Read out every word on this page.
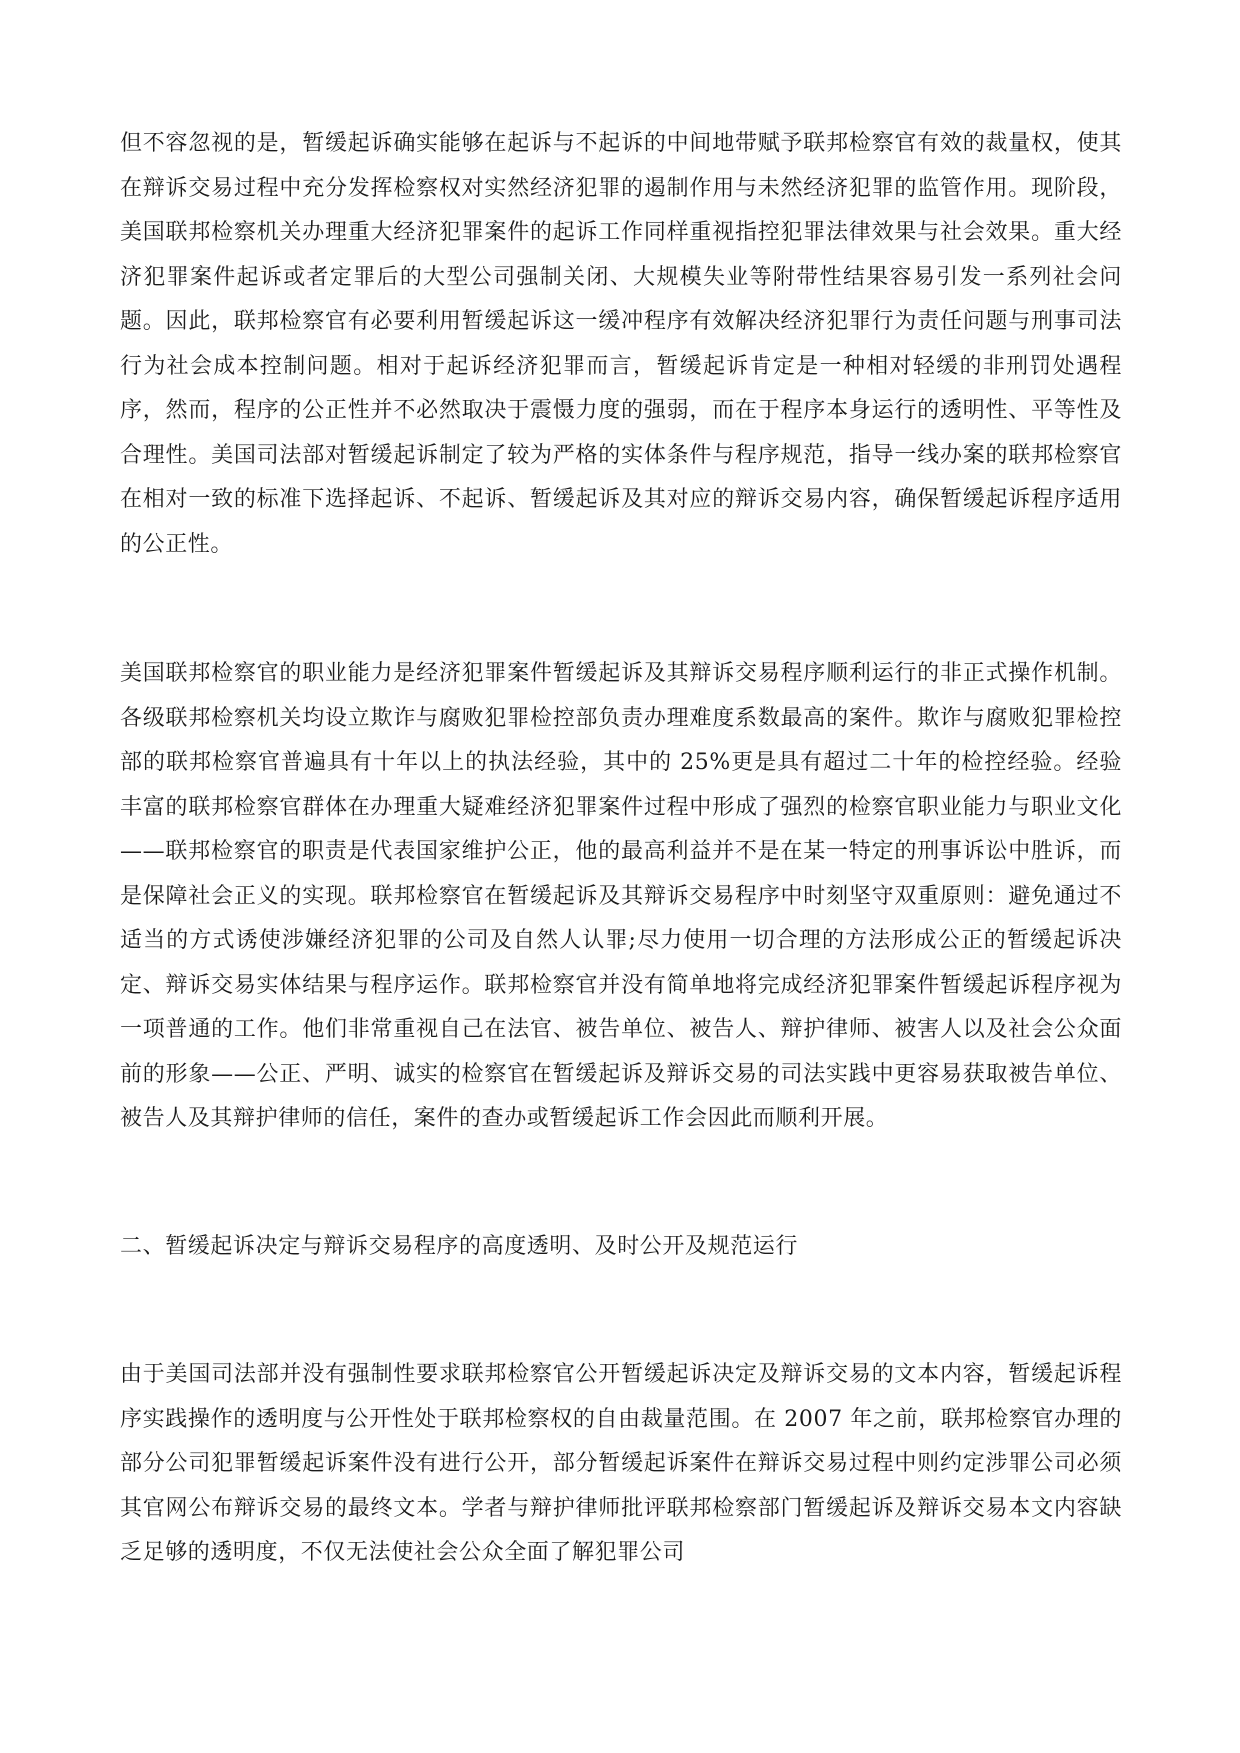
但不容忽视的是，暂缓起诉确实能够在起诉与不起诉的中间地带赋予联邦检察官有效的裁量权，使其在辩诉交易过程中充分发挥检察权对实然经济犯罪的遏制作用与未然经济犯罪的监管作用。现阶段，美国联邦检察机关办理重大经济犯罪案件的起诉工作同样重视指控犯罪法律效果与社会效果。重大经济犯罪案件起诉或者定罪后的大型公司强制关闭、大规模失业等附带性结果容易引发一系列社会问题。因此，联邦检察官有必要利用暂缓起诉这一缓冲程序有效解决经济犯罪行为责任问题与刑事司法行为社会成本控制问题。相对于起诉经济犯罪而言，暂缓起诉肯定是一种相对轻缓的非刑罚处遇程序，然而，程序的公正性并不必然取决于震慑力度的强弱，而在于程序本身运行的透明性、平等性及合理性。美国司法部对暂缓起诉制定了较为严格的实体条件与程序规范，指导一线办案的联邦检察官在相对一致的标准下选择起诉、不起诉、暂缓起诉及其对应的辩诉交易内容，确保暂缓起诉程序适用的公正性。

美国联邦检察官的职业能力是经济犯罪案件暂缓起诉及其辩诉交易程序顺利运行的非正式操作机制。各级联邦检察机关均设立欺诈与腐败犯罪检控部负责办理难度系数最高的案件。欺诈与腐败犯罪检控部的联邦检察官普遍具有十年以上的执法经验，其中的 25%更是具有超过二十年的检控经验。经验丰富的联邦检察官群体在办理重大疑难经济犯罪案件过程中形成了强烈的检察官职业能力与职业文化——联邦检察官的职责是代表国家维护公正，他的最高利益并不是在某一特定的刑事诉讼中胜诉，而是保障社会正义的实现。联邦检察官在暂缓起诉及其辩诉交易程序中时刻坚守双重原则：避免通过不适当的方式诱使涉嫌经济犯罪的公司及自然人认罪;尽力使用一切合理的方法形成公正的暂缓起诉决定、辩诉交易实体结果与程序运作。联邦检察官并没有简单地将完成经济犯罪案件暂缓起诉程序视为一项普通的工作。他们非常重视自己在法官、被告单位、被告人、辩护律师、被害人以及社会公众面前的形象——公正、严明、诚实的检察官在暂缓起诉及辩诉交易的司法实践中更容易获取被告单位、被告人及其辩护律师的信任，案件的查办或暂缓起诉工作会因此而顺利开展。

二、暂缓起诉决定与辩诉交易程序的高度透明、及时公开及规范运行

由于美国司法部并没有强制性要求联邦检察官公开暂缓起诉决定及辩诉交易的文本内容，暂缓起诉程序实践操作的透明度与公开性处于联邦检察权的自由裁量范围。在 2007 年之前，联邦检察官办理的部分公司犯罪暂缓起诉案件没有进行公开，部分暂缓起诉案件在辩诉交易过程中则约定涉罪公司必须其官网公布辩诉交易的最终文本。学者与辩护律师批评联邦检察部门暂缓起诉及辩诉交易本文内容缺乏足够的透明度，不仅无法使社会公众全面了解犯罪公司
